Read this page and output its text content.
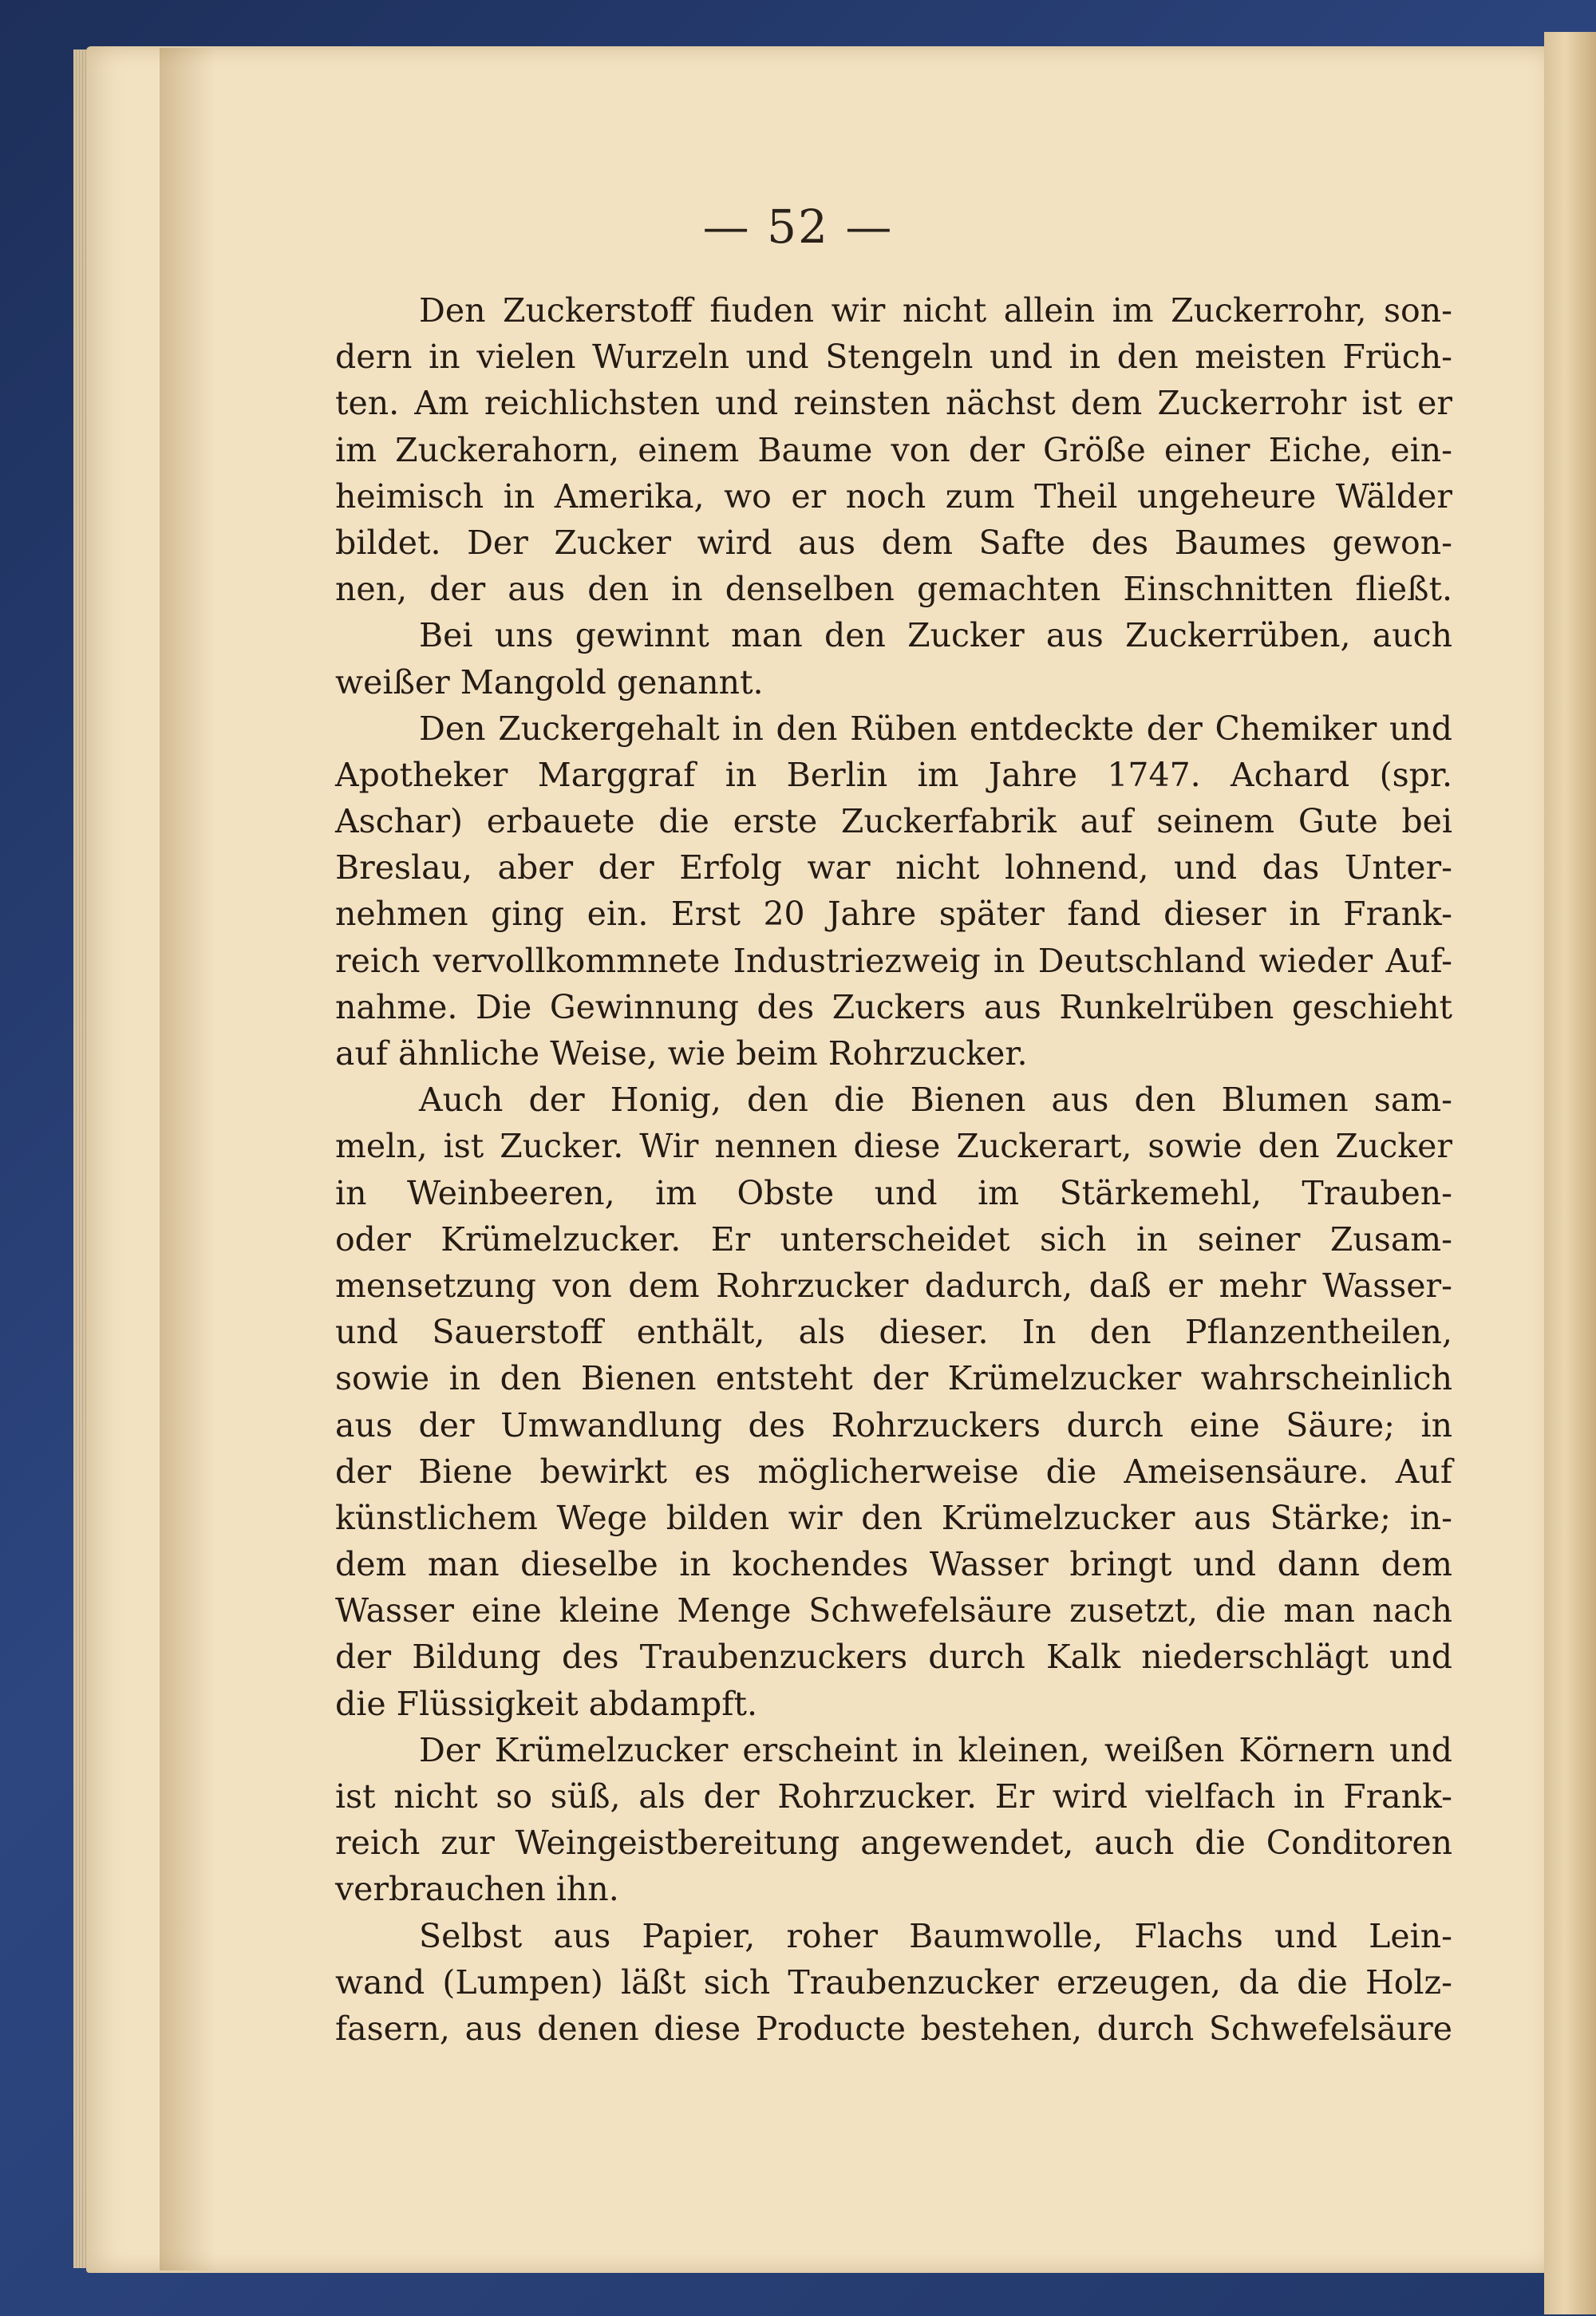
— 52 —
Den Zuckerstoff fiuden wir nicht allein im Zuckerrohr, son-
dern in vielen Wurzeln und Stengeln und in den meisten Früch-
ten. Am reichlichsten und reinsten nächst dem Zuckerrohr ist er
im Zuckerahorn, einem Baume von der Größe einer Eiche, ein-
heimisch in Amerika, wo er noch zum Theil ungeheure Wälder
bildet. Der Zucker wird aus dem Safte des Baumes gewon-
nen, der aus den in denselben gemachten Einschnitten fließt.
Bei uns gewinnt man den Zucker aus Zuckerrüben, auch
weißer Mangold genannt.
Den Zuckergehalt in den Rüben entdeckte der Chemiker und
Apotheker Marggraf in Berlin im Jahre 1747. Achard (spr.
Aschar) erbauete die erste Zuckerfabrik auf seinem Gute bei
Breslau, aber der Erfolg war nicht lohnend, und das Unter-
nehmen ging ein. Erst 20 Jahre später fand dieser in Frank-
reich vervollkommnete Industriezweig in Deutschland wieder Auf-
nahme. Die Gewinnung des Zuckers aus Runkelrüben geschieht
auf ähnliche Weise, wie beim Rohrzucker.
Auch der Honig, den die Bienen aus den Blumen sam-
meln, ist Zucker. Wir nennen diese Zuckerart, sowie den Zucker
in Weinbeeren, im Obste und im Stärkemehl, Trauben-
oder Krümelzucker. Er unterscheidet sich in seiner Zusam-
mensetzung von dem Rohrzucker dadurch, daß er mehr Wasser-
und Sauerstoff enthält, als dieser. In den Pflanzentheilen,
sowie in den Bienen entsteht der Krümelzucker wahrscheinlich
aus der Umwandlung des Rohrzuckers durch eine Säure; in
der Biene bewirkt es möglicherweise die Ameisensäure. Auf
künstlichem Wege bilden wir den Krümelzucker aus Stärke; in-
dem man dieselbe in kochendes Wasser bringt und dann dem
Wasser eine kleine Menge Schwefelsäure zusetzt, die man nach
der Bildung des Traubenzuckers durch Kalk niederschlägt und
die Flüssigkeit abdampft.
Der Krümelzucker erscheint in kleinen, weißen Körnern und
ist nicht so süß, als der Rohrzucker. Er wird vielfach in Frank-
reich zur Weingeistbereitung angewendet, auch die Conditoren
verbrauchen ihn.
Selbst aus Papier, roher Baumwolle, Flachs und Lein-
wand (Lumpen) läßt sich Traubenzucker erzeugen, da die Holz-
fasern, aus denen diese Producte bestehen, durch Schwefelsäure
